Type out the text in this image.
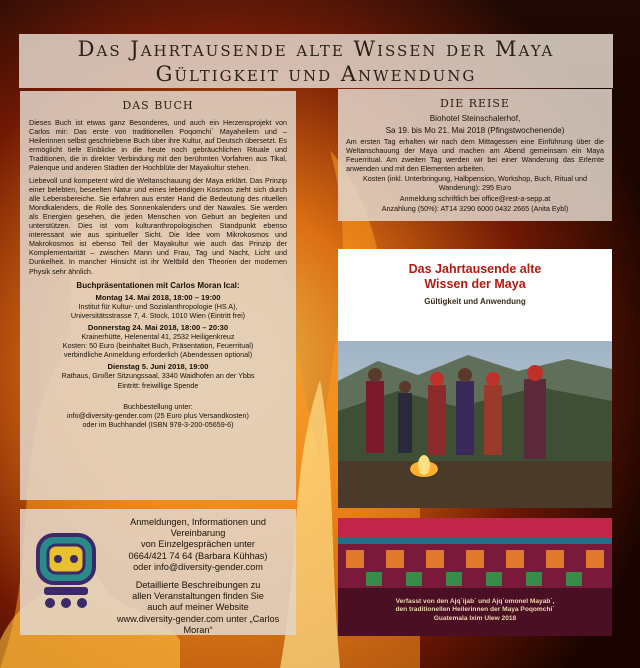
Das Jahrtausende alte Wissen der Maya
Gültigkeit und Anwendung
DAS BUCH

Dieses Buch ist etwas ganz Besonderes, und auch ein Herzensprojekt von Carlos mir: Das erste von traditionellen Poqomchi´ Mayaheilern und – Heilerinnen selbst geschriebene Buch über ihre Kultur, auf Deutsch übersetzt. Es ermöglicht tiefe Einblicke in die heute noch gebräuchlichen Rituale und Traditionen, die in direkter Verbindung mit den berühmten Vorfahren aus Tikal, Palenque und anderen Städten der Hochblüte der Mayakultur stehen.

Liebevoll und kompetent wird die Weltanschauung der Maya erklärt. Das Prinzip einer belebten, beseelten Natur und eines lebendigen Kosmos zieht sich durch alle Lebensbereiche. Sie erfahren aus erster Hand die Bedeutung des rituellen Mondkalenders, die Rolle des Sonnenkalenders und der Nawales. Sie werden als Energien gesehen, die jeden Menschen von Geburt an begleiten und unterstützen. Dies ist vom kulturanthropologischen Standpunkt ebenso interessant wie aus spiritueller Sicht. Die Idee vom Mikrokosmos und Makrokosmos ist ebenso Teil der Mayakultur wie auch das Prinzip der Komplementarität – zwischen Mann und Frau, Tag und Nacht, Licht und Dunkelheit. In mancher Hinsicht ist ihr Weltbild den Theorien der modernen Physik sehr ähnlich.

Buchpräsentationen mit Carlos Moran Ical:
Montag 14. Mai 2018, 18:00 – 19:00
Institut für Kultur- und Sozialanthropologie (HS A),
Universitätsstrasse 7, 4. Stock, 1010 Wien (Eintritt frei)
Donnerstag 24. Mai 2018, 18:00 – 20:30
Krainerhütte, Helenental 41, 2532 Heiligenkreuz
Kosten: 50 Euro (beinhaltet Buch, Präsentation, Feuerritual)
verbindliche Anmeldung erforderlich (Abendessen optional)
Dienstag 5. Juni 2018, 19:00
Rathaus, Großer Sitzungssaal, 3340 Waidhofen an der Ybbs
Eintritt: freiwillige Spende
Buchbestellung unter:
info@diversity-gender.com (25 Euro plus Versandkosten)
oder im Buchhandel (ISBN 978-3-200-05659-6)
DIE REISE

Biohotel Steinschalerhof,

Sa 19. bis Mo 21. Mai 2018 (Pfingstwochenende)

Am ersten Tag erhalten wir nach dem Mittagessen eine Einführung über die Weltanschauung der Maya und machen am Abend gemeinsam ein Maya Feuerritual. Am zweiten Tag werden wir bei einer Wanderung das Erlernte anwenden und mit den Elementen arbeiten.

Kosten (inkl. Unterbringung, Halbpension, Workshop, Buch, Ritual und Wanderung): 295 Euro

Anmeldung schriftlich bei office@rest-a-sepp.at

Anzahlung (50%): AT14 3290 6000 0432 2665 (Anita Eybl)

Das Jahrtausende alte
Wissen der Maya
Gültigkeit und Anwendung
Verfasst von den Ajq´ijab´ und Ajq´omonel Mayab´,
den traditionellen Heilerinnen der Maya Poqomchi´
Guatemala Ixim Ulew 2018

Anmeldungen, Informationen und Vereinbarung

von Einzelgesprächen unter

0664/421 74 64 (Barbara Kühhas)

oder info@diversity-gender.com

Detaillierte Beschreibungen zu

allen Veranstaltungen finden Sie

auch auf meiner Website

www.diversity-gender.com unter „Carlos Moran“
